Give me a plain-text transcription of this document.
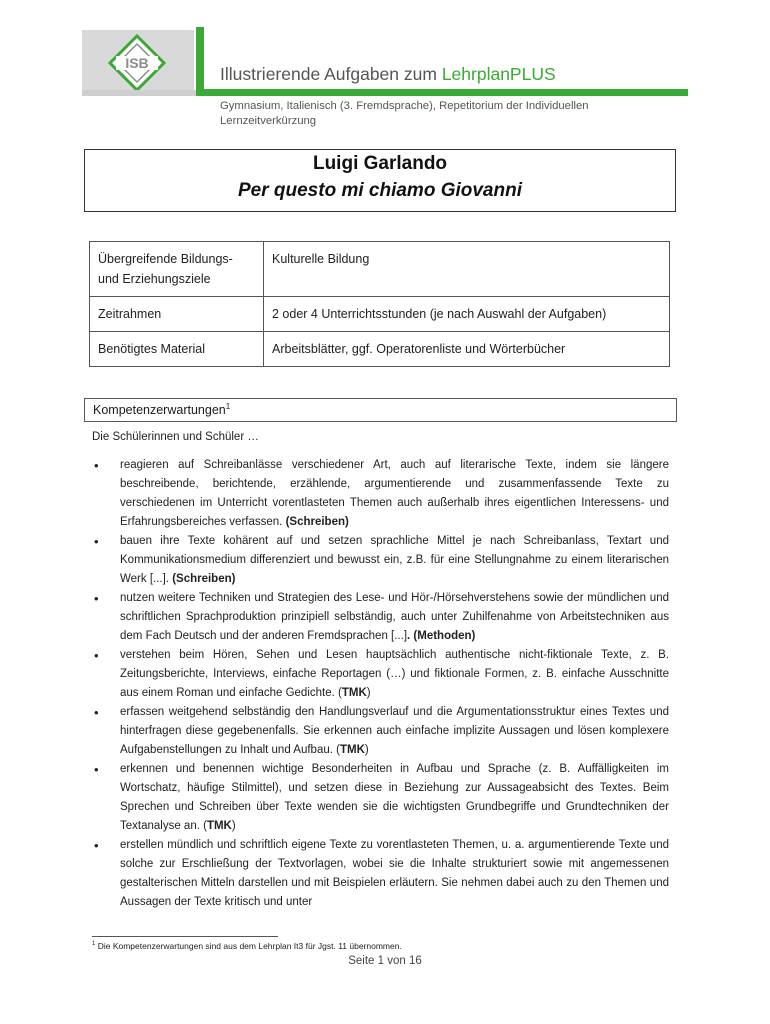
ISB
Illustrierende Aufgaben zum LehrplanPLUS
Gymnasium, Italienisch (3. Fremdsprache), Repetitorium der Individuellen Lernzeitverkürzung
Luigi Garlando
Per questo mi chiamo Giovanni
Übergreifende Bildungs- und Erziehungsziele	Kulturelle Bildung
Zeitrahmen	2 oder 4 Unterrichtsstunden (je nach Auswahl der Aufgaben)
Benötigtes Material	Arbeitsblätter, ggf. Operatorenliste und Wörterbücher
Kompetenzerwartungen$^1$
Die Schülerinnen und Schüler …
• reagieren auf Schreibanlässe verschiedener Art, auch auf literarische Texte, indem sie längere beschreibende, berichtende, erzählende, argumentierende und zusammenfassende Texte zu verschiedenen im Unterricht vorentlasteten Themen auch außerhalb ihres eigentlichen Interessens- und Erfahrungsbereiches verfassen. (Schreiben)
• bauen ihre Texte kohärent auf und setzen sprachliche Mittel je nach Schreibanlass, Textart und Kommunikationsmedium differenziert und bewusst ein, z.B. für eine Stellungnahme zu einem literarischen Werk [...]. (Schreiben)
• nutzen weitere Techniken und Strategien des Lese- und Hör-/Hörsehverstehens sowie der mündlichen und schriftlichen Sprachproduktion prinzipiell selbständig, auch unter Zuhilfenahme von Arbeitstechniken aus dem Fach Deutsch und der anderen Fremdsprachen [...]. (Methoden)
• verstehen beim Hören, Sehen und Lesen hauptsächlich authentische nicht-fiktionale Texte, z. B. Zeitungsberichte, Interviews, einfache Reportagen (…) und fiktionale Formen, z. B. einfache Ausschnitte aus einem Roman und einfache Gedichte. (TMK)
• erfassen weitgehend selbständig den Handlungsverlauf und die Argumentationsstruktur eines Textes und hinterfragen diese gegebenenfalls. Sie erkennen auch einfache implizite Aussagen und lösen komplexere Aufgabenstellungen zu Inhalt und Aufbau. (TMK)
• erkennen und benennen wichtige Besonderheiten in Aufbau und Sprache (z. B. Auffälligkeiten im Wortschatz, häufige Stilmittel), und setzen diese in Beziehung zur Aussageabsicht des Textes. Beim Sprechen und Schreiben über Texte wenden sie die wichtigsten Grundbegriffe und Grundtechniken der Textanalyse an. (TMK)
• erstellen mündlich und schriftlich eigene Texte zu vorentlasteten Themen, u. a. argumentierende Texte und solche zur Erschließung der Textvorlagen, wobei sie die Inhalte strukturiert sowie mit angemessenen gestalterischen Mitteln darstellen und mit Beispielen erläutern. Sie nehmen dabei auch zu den Themen und Aussagen der Texte kritisch und unter
$^1$ Die Kompetenzerwartungen sind aus dem Lehrplan It3 für Jgst. 11 übernommen.
Seite 1 von 16
